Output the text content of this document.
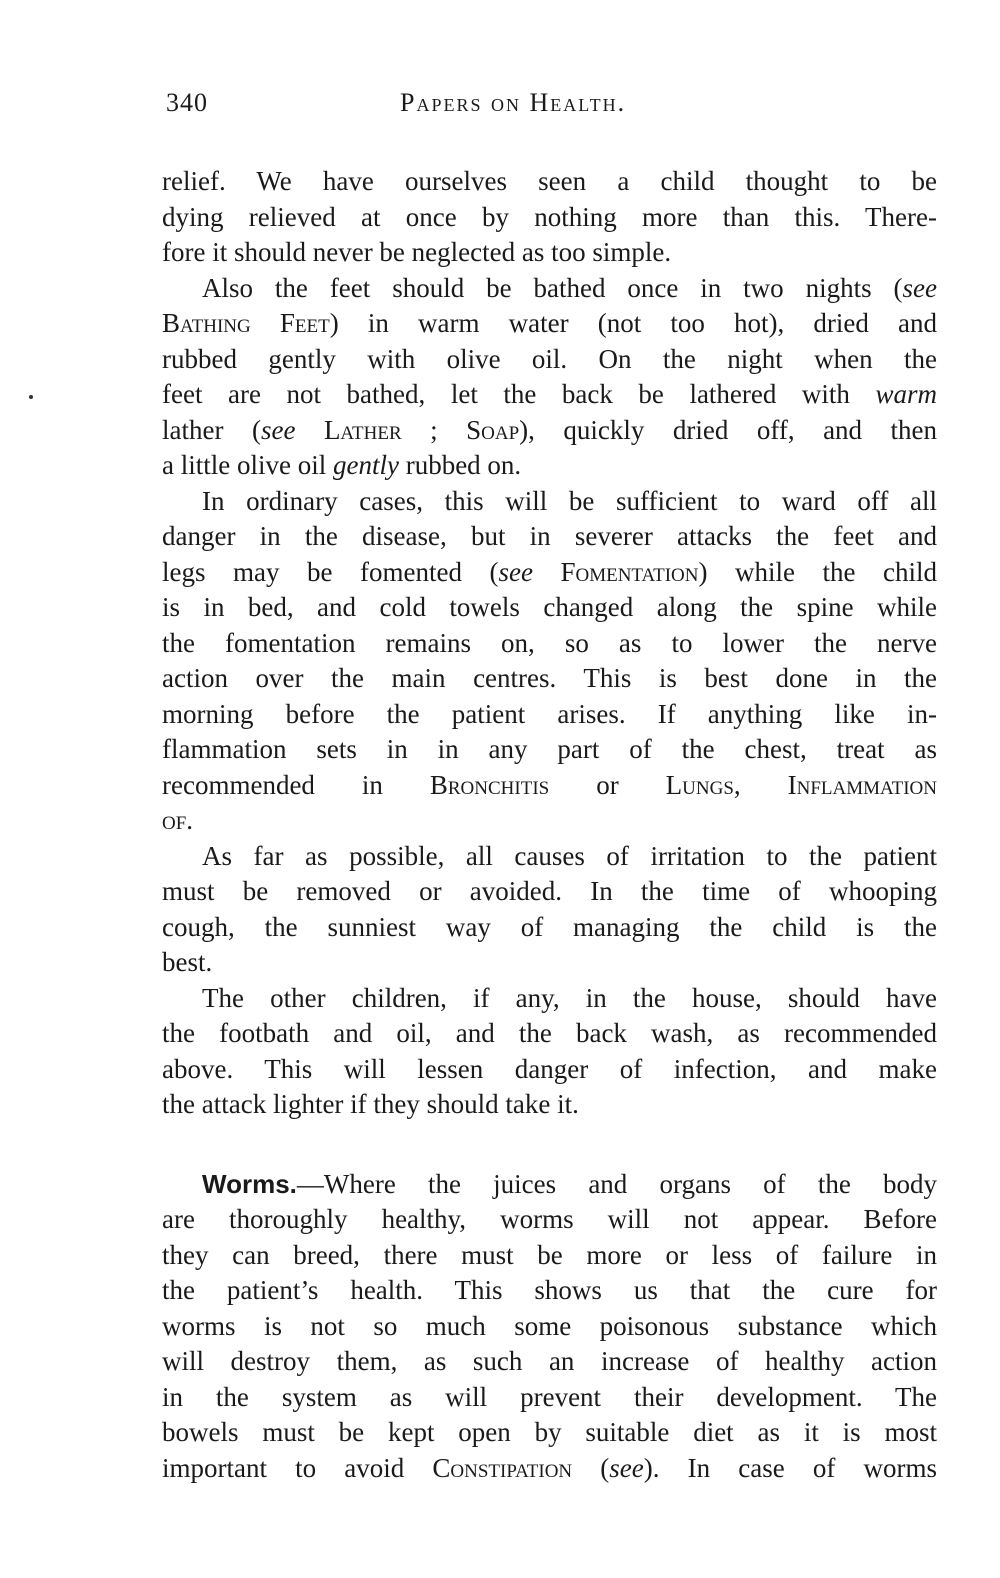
340	Papers on Health.
relief. We have ourselves seen a child thought to be
dying relieved at once by nothing more than this. There-
fore it should never be neglected as too simple.
Also the feet should be bathed once in two nights (see
Bathing Feet) in warm water (not too hot), dried and
rubbed gently with olive oil. On the night when the
feet are not bathed, let the back be lathered with warm
lather (see Lather ; Soap), quickly dried off, and then
a little olive oil gently rubbed on.
In ordinary cases, this will be sufficient to ward off all
danger in the disease, but in severer attacks the feet and
legs may be fomented (see Fomentation) while the child
is in bed, and cold towels changed along the spine while
the fomentation remains on, so as to lower the nerve
action over the main centres. This is best done in the
morning before the patient arises. If anything like in-
flammation sets in in any part of the chest, treat as
recommended in Bronchitis or Lungs, Inflammation
of.
As far as possible, all causes of irritation to the patient
must be removed or avoided. In the time of whooping
cough, the sunniest way of managing the child is the
best.
The other children, if any, in the house, should have
the footbath and oil, and the back wash, as recommended
above. This will lessen danger of infection, and make
the attack lighter if they should take it.
Worms.—Where the juices and organs of the body
are thoroughly healthy, worms will not appear. Before
they can breed, there must be more or less of failure in
the patient’s health. This shows us that the cure for
worms is not so much some poisonous substance which
will destroy them, as such an increase of healthy action
in the system as will prevent their development. The
bowels must be kept open by suitable diet as it is most
important to avoid Constipation (see). In case of worms
